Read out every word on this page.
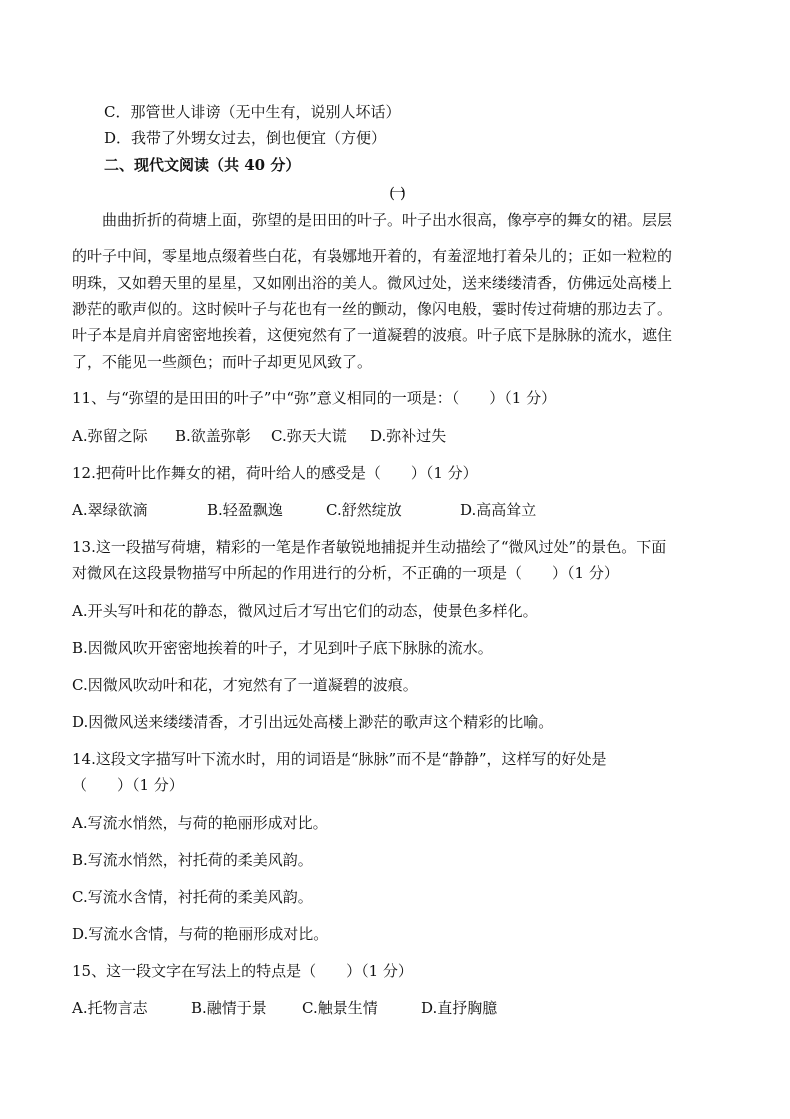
C．那管世人诽谤（无中生有，说别人坏话）
D．我带了外甥女过去，倒也便宜（方便）
二、现代文阅读（共 40 分）
(一)
　　曲曲折折的荷塘上面，弥望的是田田的叶子。叶子出水很高，像亭亭的舞女的裙。层层
的叶子中间，零星地点缀着些白花，有袅娜地开着的，有羞涩地打着朵儿的；正如一粒粒的
明珠，又如碧天里的星星，又如刚出浴的美人。微风过处，送来缕缕清香，仿佛远处高楼上
渺茫的歌声似的。这时候叶子与花也有一丝的颤动，像闪电般，霎时传过荷塘的那边去了。
叶子本是肩并肩密密地挨着，这便宛然有了一道凝碧的波痕。叶子底下是脉脉的流水，遮住
了，不能见一些颜色；而叶子却更见风致了。
11、与“弥望的是田田的叶子”中“弥”意义相同的一项是：（　　）（1 分）
A.弥留之际 B.欲盖弥彰 C.弥天大谎 D.弥补过失
12.把荷叶比作舞女的裙，荷叶给人的感受是（　　）（1 分）
A.翠绿欲滴	B.轻盈飘逸	C.舒然绽放	D.高高耸立
13.这一段描写荷塘，精彩的一笔是作者敏锐地捕捉并生动描绘了“微风过处”的景色。下面
对微风在这段景物描写中所起的作用进行的分析，不正确的一项是（　　）（1 分）
A.开头写叶和花的静态，微风过后才写出它们的动态，使景色多样化。
B.因微风吹开密密地挨着的叶子，才见到叶子底下脉脉的流水。
C.因微风吹动叶和花，才宛然有了一道凝碧的波痕。
D.因微风送来缕缕清香，才引出远处高楼上渺茫的歌声这个精彩的比喻。
14.这段文字描写叶下流水时，用的词语是“脉脉”而不是“静静”，这样写的好处是
（　　）（1 分）
A.写流水悄然，与荷的艳丽形成对比。
B.写流水悄然，衬托荷的柔美风韵。
C.写流水含情，衬托荷的柔美风韵。
D.写流水含情，与荷的艳丽形成对比。
15、这一段文字在写法上的特点是（　　）（1 分）
A.托物言志	B.融情于景 C.触景生情	D.直抒胸臆
